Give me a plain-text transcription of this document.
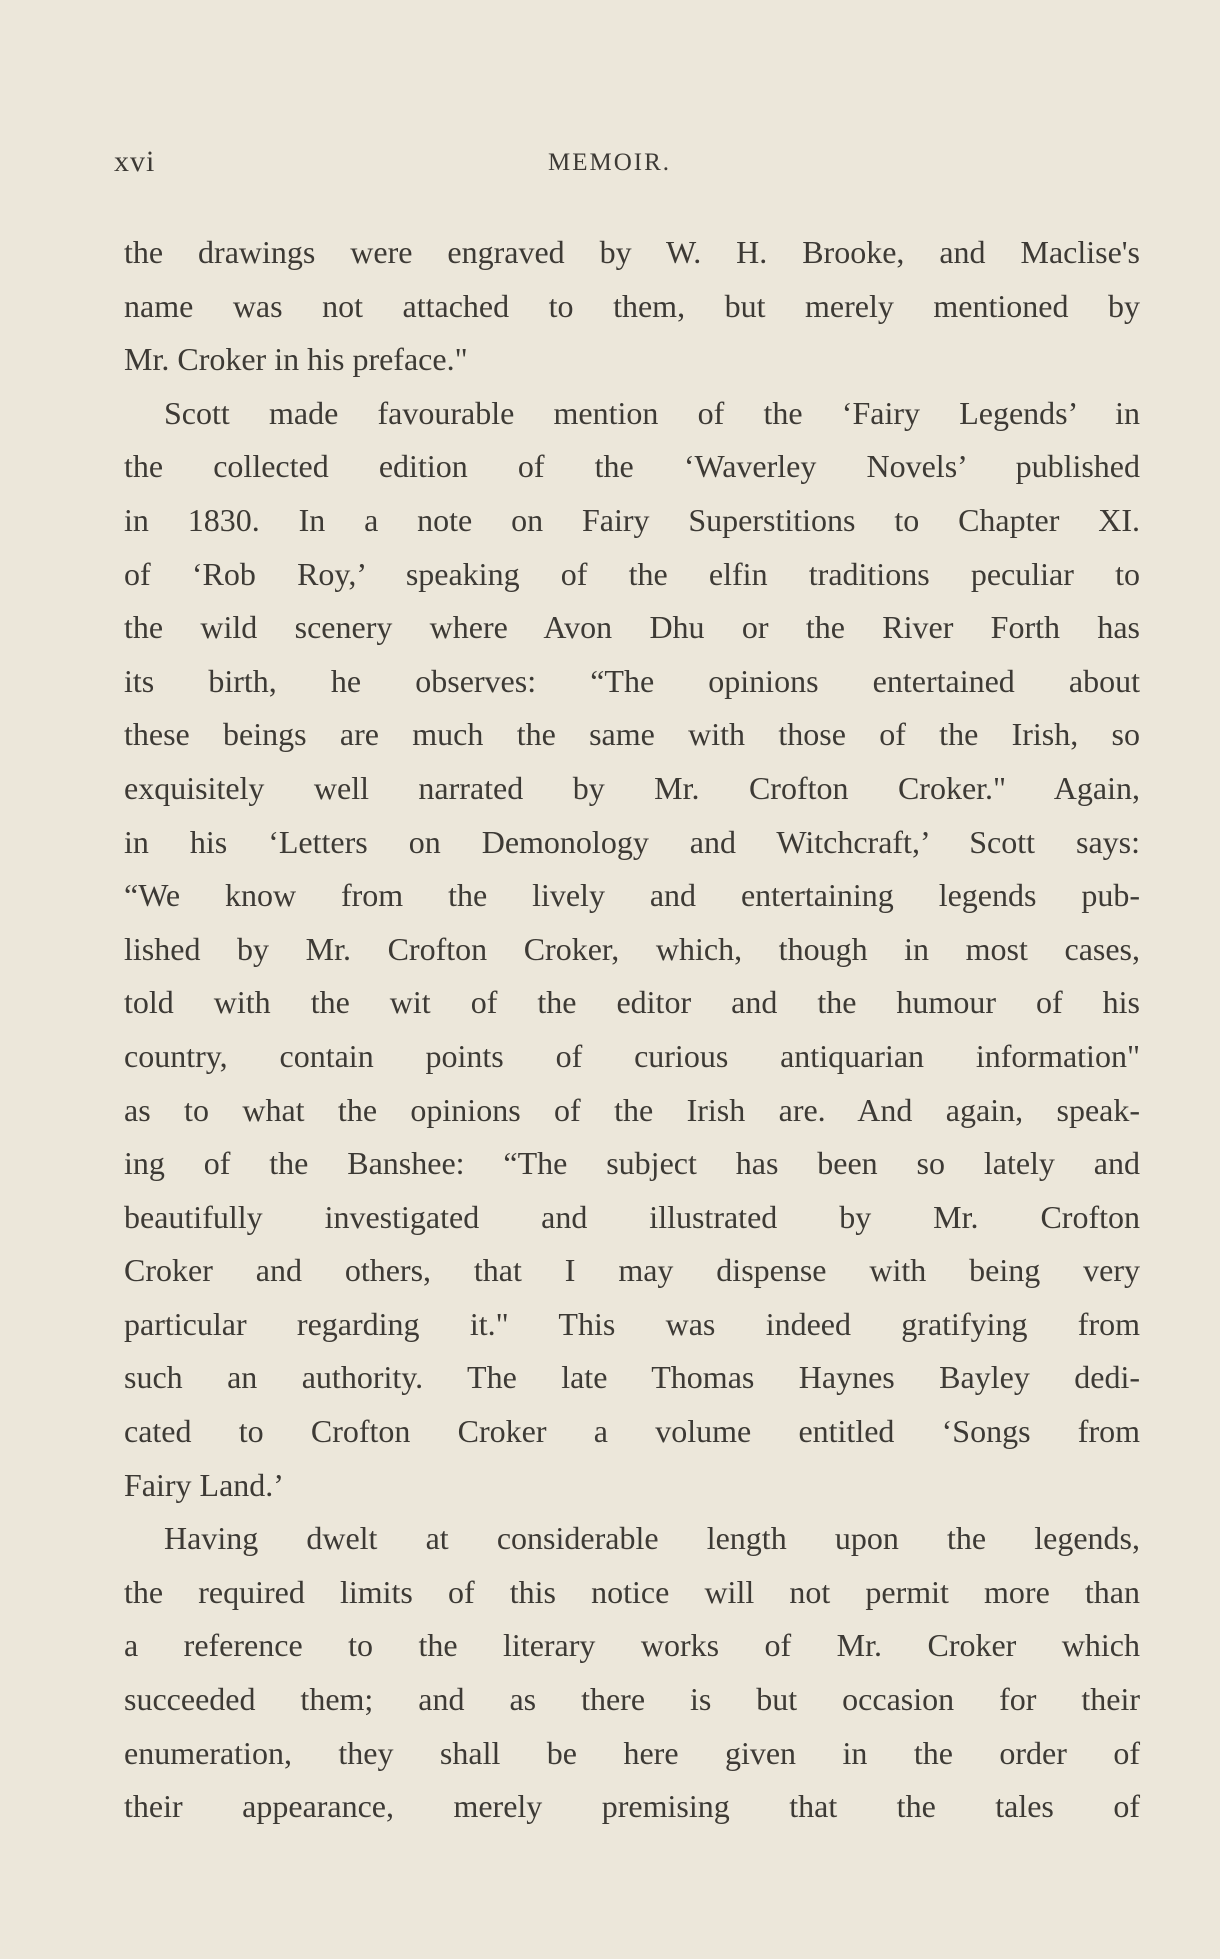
xvi	MEMOIR.
the drawings were engraved by W. H. Brooke, and Maclise's
name was not attached to them, but merely mentioned by
Mr. Croker in his preface."
Scott made favourable mention of the ‘Fairy Legends’ in
the collected edition of the ‘Waverley Novels’ published
in 1830. In a note on Fairy Superstitions to Chapter XI.
of ‘Rob Roy,’ speaking of the elfin traditions peculiar to
the wild scenery where Avon Dhu or the River Forth has
its birth, he observes: “The opinions entertained about
these beings are much the same with those of the Irish, so
exquisitely well narrated by Mr. Crofton Croker." Again,
in his ‘Letters on Demonology and Witchcraft,’ Scott says:
“We know from the lively and entertaining legends pub-
lished by Mr. Crofton Croker, which, though in most cases,
told with the wit of the editor and the humour of his
country, contain points of curious antiquarian information"
as to what the opinions of the Irish are. And again, speak-
ing of the Banshee: “The subject has been so lately and
beautifully investigated and illustrated by Mr. Crofton
Croker and others, that I may dispense with being very
particular regarding it." This was indeed gratifying from
such an authority. The late Thomas Haynes Bayley dedi-
cated to Crofton Croker a volume entitled ‘Songs from
Fairy Land.’
Having dwelt at considerable length upon the legends,
the required limits of this notice will not permit more than
a reference to the literary works of Mr. Croker which
succeeded them; and as there is but occasion for their
enumeration, they shall be here given in the order of
their appearance, merely premising that the tales of
